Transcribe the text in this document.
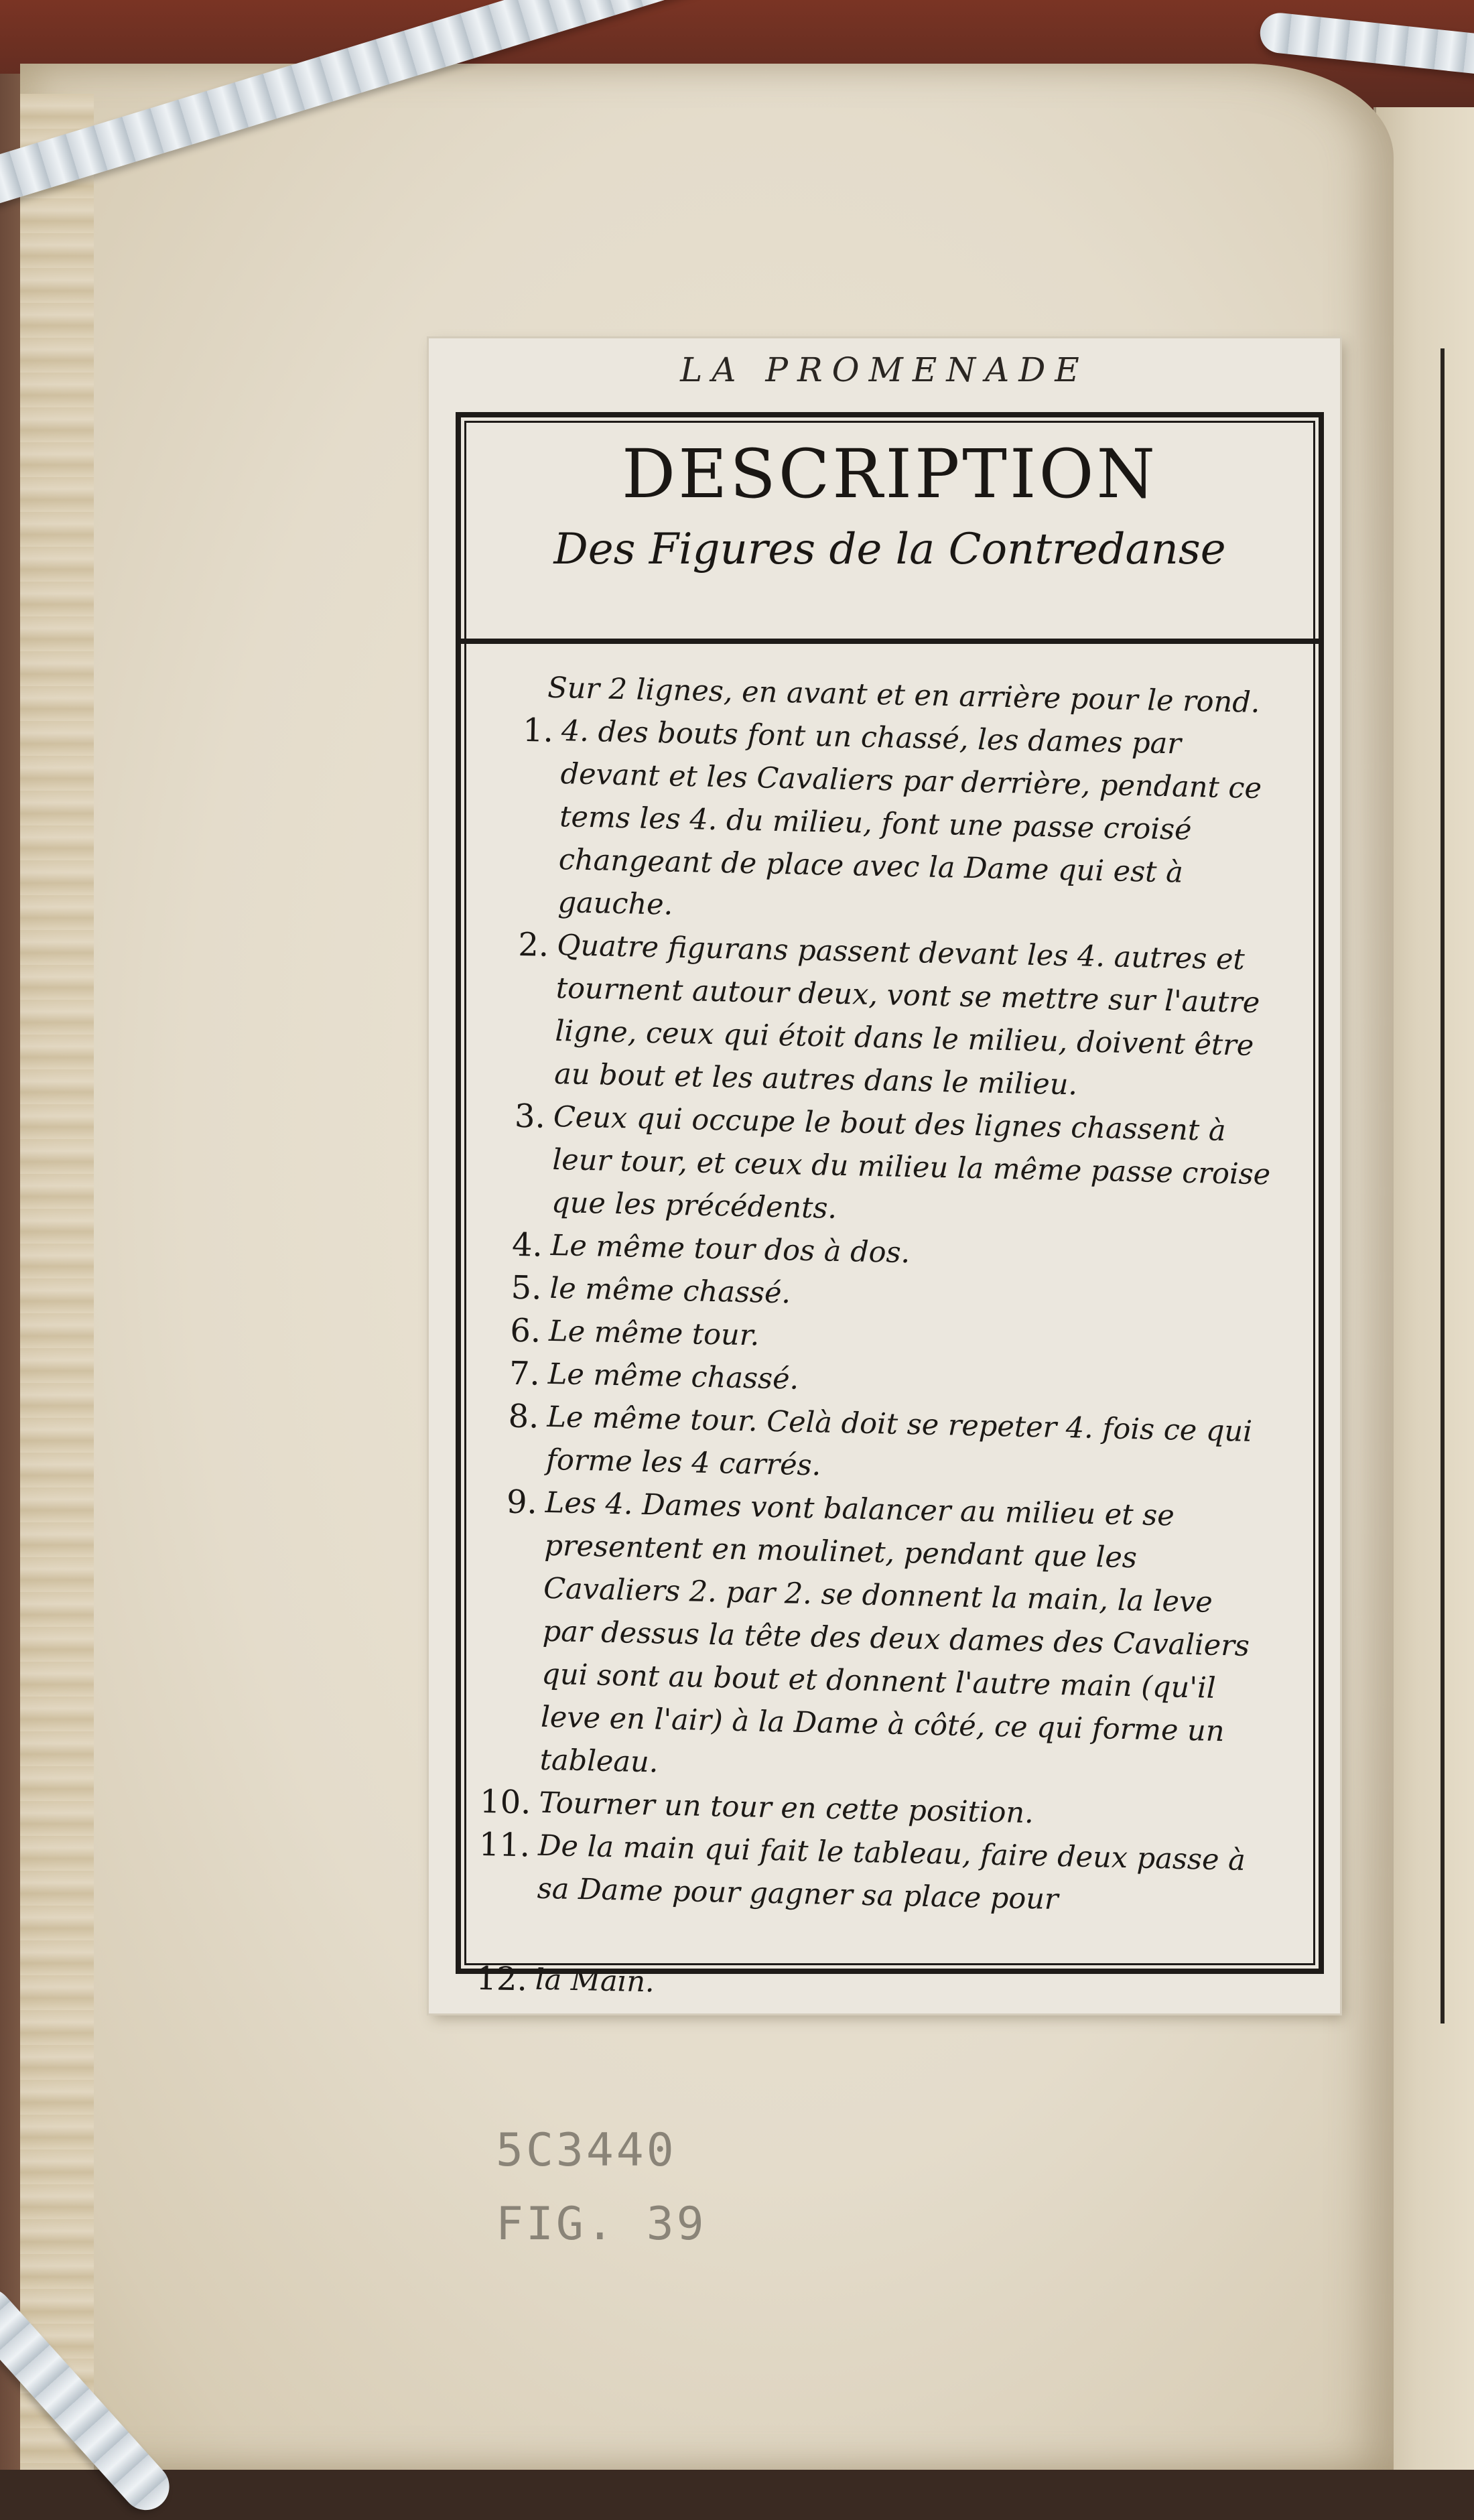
LA PROMENADE
DESCRIPTION
Des Figures de la Contredanse
Sur 2 lignes, en avant et en arrière pour le rond.
1. 4. des bouts font un chassé, les dames par devant et les Cavaliers par derrière, pendant ce tems les 4. du milieu, font une passe croisé changeant de place avec la Dame qui est à gauche.
2. Quatre figurans passent devant les 4. autres et tournent autour deux, vont se mettre sur l'autre ligne, ceux qui étoit dans le milieu, doivent être au bout et les autres dans le milieu.
3. Ceux qui occupe le bout des lignes chassent à leur tour, et ceux du milieu la même passe croise que les précédents.
4. Le même tour dos à dos.
5. le même chassé.
6. Le même tour.
7. Le même chassé.
8. Le même tour. Celà doit se repeter 4. fois ce qui forme les 4 carrés.
9. Les 4. Dames vont balancer au milieu et se presentent en moulinet, pendant que les Cavaliers 2. par 2. se donnent la main, la leve par dessus la tête des deux dames des Cavaliers qui sont au bout et donnent l'autre main (qu'il leve en l'air) à la Dame à côté, ce qui forme un tableau.
10. Tourner un tour en cette position.
11. De la main qui fait le tableau, faire deux passe à sa Dame pour gagner sa place pour
12. la Main.
5C3440
FIG. 39
